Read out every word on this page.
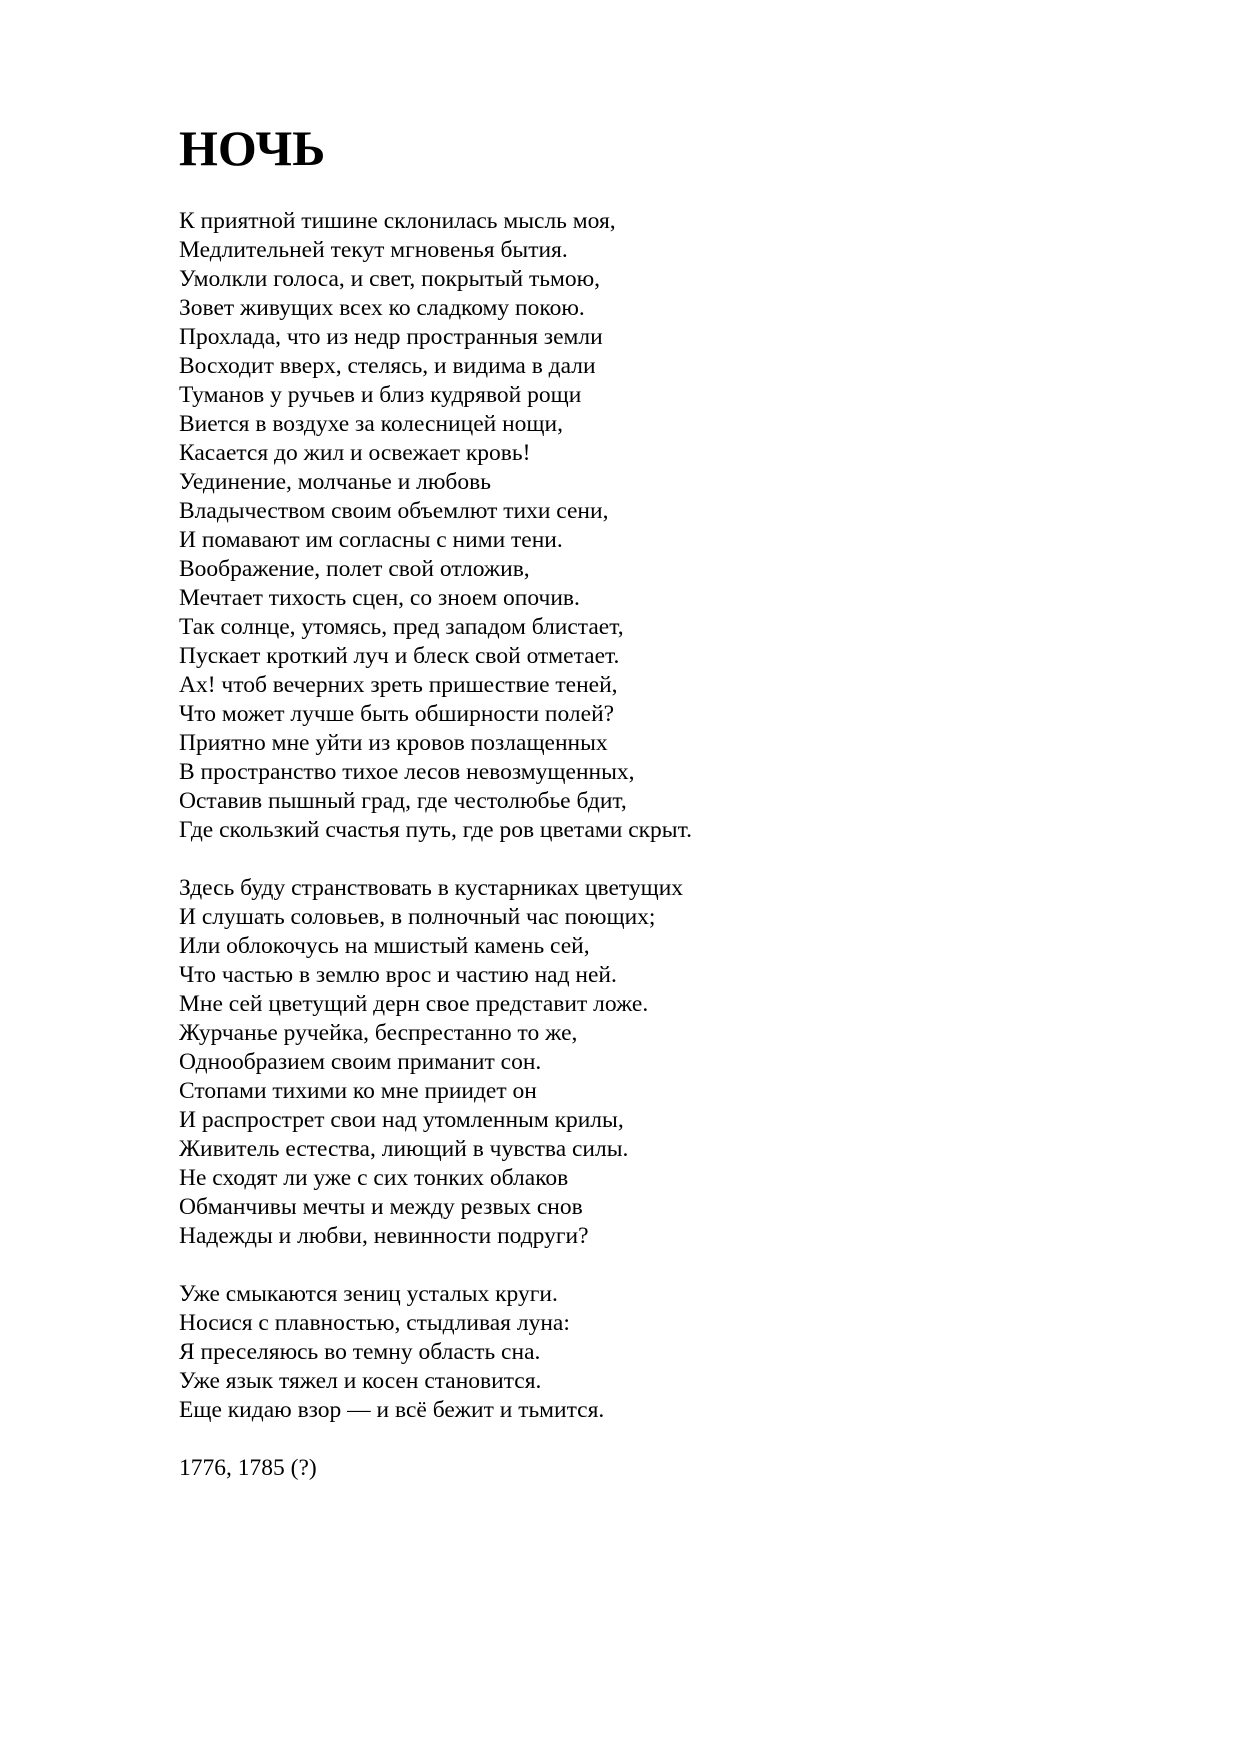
НОЧЬ
К приятной тишине склонилась мысль моя,
Медлительней текут мгновенья бытия.
Умолкли голоса, и свет, покрытый тьмою,
Зовет живущих всех ко сладкому покою.
Прохлада, что из недр пространныя земли
Восходит вверх, стелясь, и видима в дали
Туманов у ручьев и близ кудрявой рощи
Виется в воздухе за колесницей нощи,
Касается до жил и освежает кровь!
Уединение, молчанье и любовь
Владычеством своим объемлют тихи сени,
И помавают им согласны с ними тени.
Воображение, полет свой отложив,
Мечтает тихость сцен, со зноем опочив.
Так солнце, утомясь, пред западом блистает,
Пускает кроткий луч и блеск свой отметает.
Ах! чтоб вечерних зреть пришествие теней,
Что может лучше быть обширности полей?
Приятно мне уйти из кровов позлащенных
В пространство тихое лесов невозмущенных,
Оставив пышный град, где честолюбье бдит,
Где скользкий счастья путь, где ров цветами скрыт.
Здесь буду странствовать в кустарниках цветущих
И слушать соловьев, в полночный час поющих;
Или облокочусь на мшистый камень сей,
Что частью в землю врос и частию над ней.
Мне сей цветущий дерн свое представит ложе.
Журчанье ручейка, беспрестанно то же,
Однообразием своим приманит сон.
Стопами тихими ко мне приидет он
И распрострет свои над утомленным крилы,
Живитель естества, лиющий в чувства силы.
Не сходят ли уже с сих тонких облаков
Обманчивы мечты и между резвых снов
Надежды и любви, невинности подруги?
Уже смыкаются зениц усталых круги.
Носися с плавностью, стыдливая луна:
Я преселяюсь во темну область сна.
Уже язык тяжел и косен становится.
Еще кидаю взор — и всё бежит и тьмится.
1776, 1785 (?)
